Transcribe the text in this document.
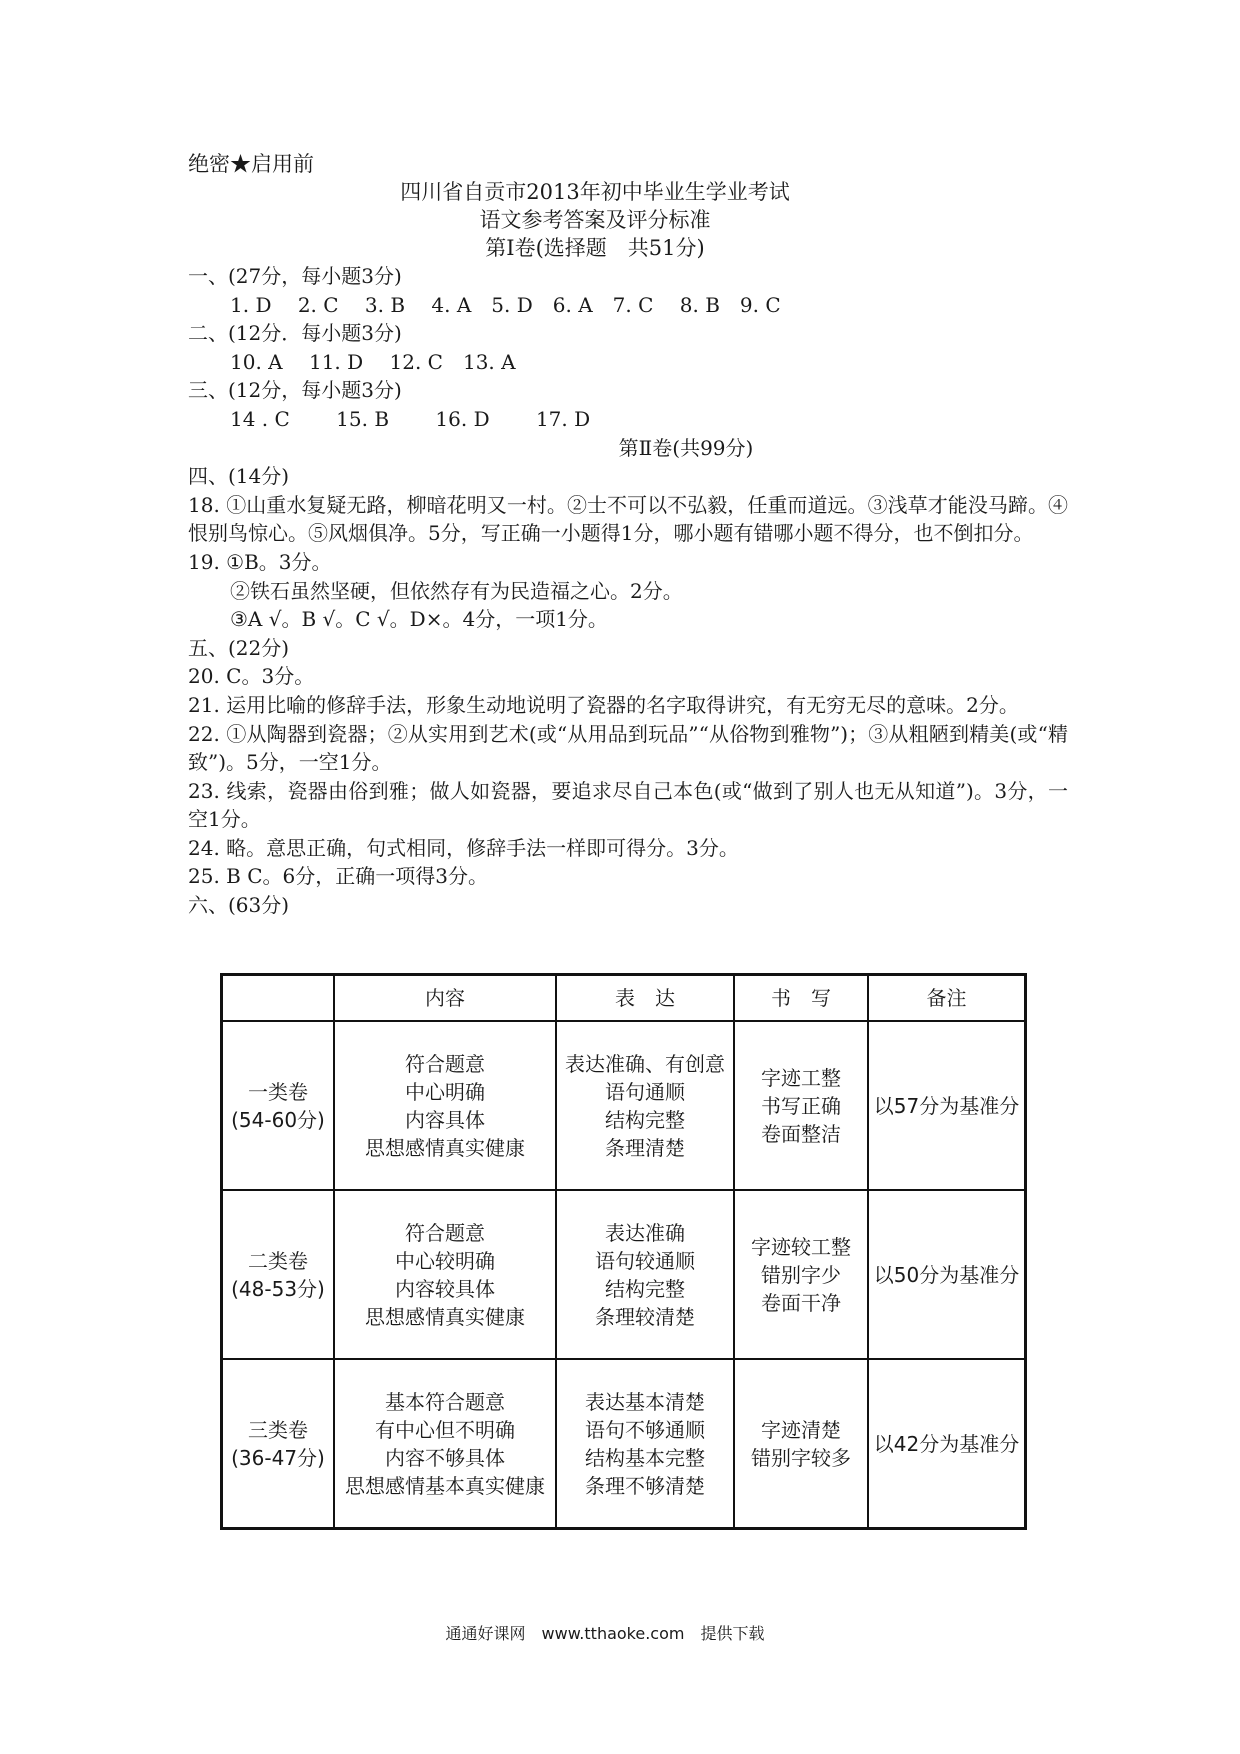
绝密★启用前
四川省自贡市2013年初中毕业生学业考试
语文参考答案及评分标准
第Ⅰ卷(选择题　共51分)
一、(27分，每小题3分)
1. D　 2. C　 3. B　 4. A　5. D　6. A　7. C　 8. B　9. C
二、(12分．每小题3分)
10. A　 11. D　 12. C　13. A
三、(12分，每小题3分)
14 . C　　 15. B　　 16. D　　 17. D
第Ⅱ卷(共99分)
四、(14分)
18. ①山重水复疑无路，柳暗花明又一村。②士不可以不弘毅，任重而道远。③浅草才能没马蹄。④恨别鸟惊心。⑤风烟俱净。5分，写正确一小题得1分，哪小题有错哪小题不得分，也不倒扣分。
19. ①B。3分。
②铁石虽然坚硬，但依然存有为民造福之心。2分。
③A √。B √。C √。D×。4分，一项1分。
五、(22分)
20. C。3分。
21. 运用比喻的修辞手法，形象生动地说明了瓷器的名字取得讲究，有无穷无尽的意味。2分。
22. ①从陶器到瓷器；②从实用到艺术(或“从用品到玩品”“从俗物到雅物”)；③从粗陋到精美(或“精致”)。5分，一空1分。
23. 线索，瓷器由俗到雅；做人如瓷器，要追求尽自己本色(或“做到了别人也无从知道”)。3分，一空1分。
24. 略。意思正确，句式相同，修辞手法一样即可得分。3分。
25. B C。6分，正确一项得3分。
六、(63分)
	内容	表　达	书　写	备注

一类卷
(54-60分)	符合题意
中心明确
内容具体
思想感情真实健康	表达准确、有创意
语句通顺
结构完整
条理清楚	字迹工整
书写正确
卷面整洁	以57分为基准分

二类卷
(48-53分)	符合题意
中心较明确
内容较具体
思想感情真实健康	表达准确
语句较通顺
结构完整
条理较清楚	字迹较工整
错别字少
卷面干净	以50分为基准分

三类卷
(36-47分)	基本符合题意
有中心但不明确
内容不够具体
思想感情基本真实健康	表达基本清楚
语句不够通顺
结构基本完整
条理不够清楚	字迹清楚
错别字较多	以42分为基准分
通通好课网　www.tthaoke.com　提供下载
